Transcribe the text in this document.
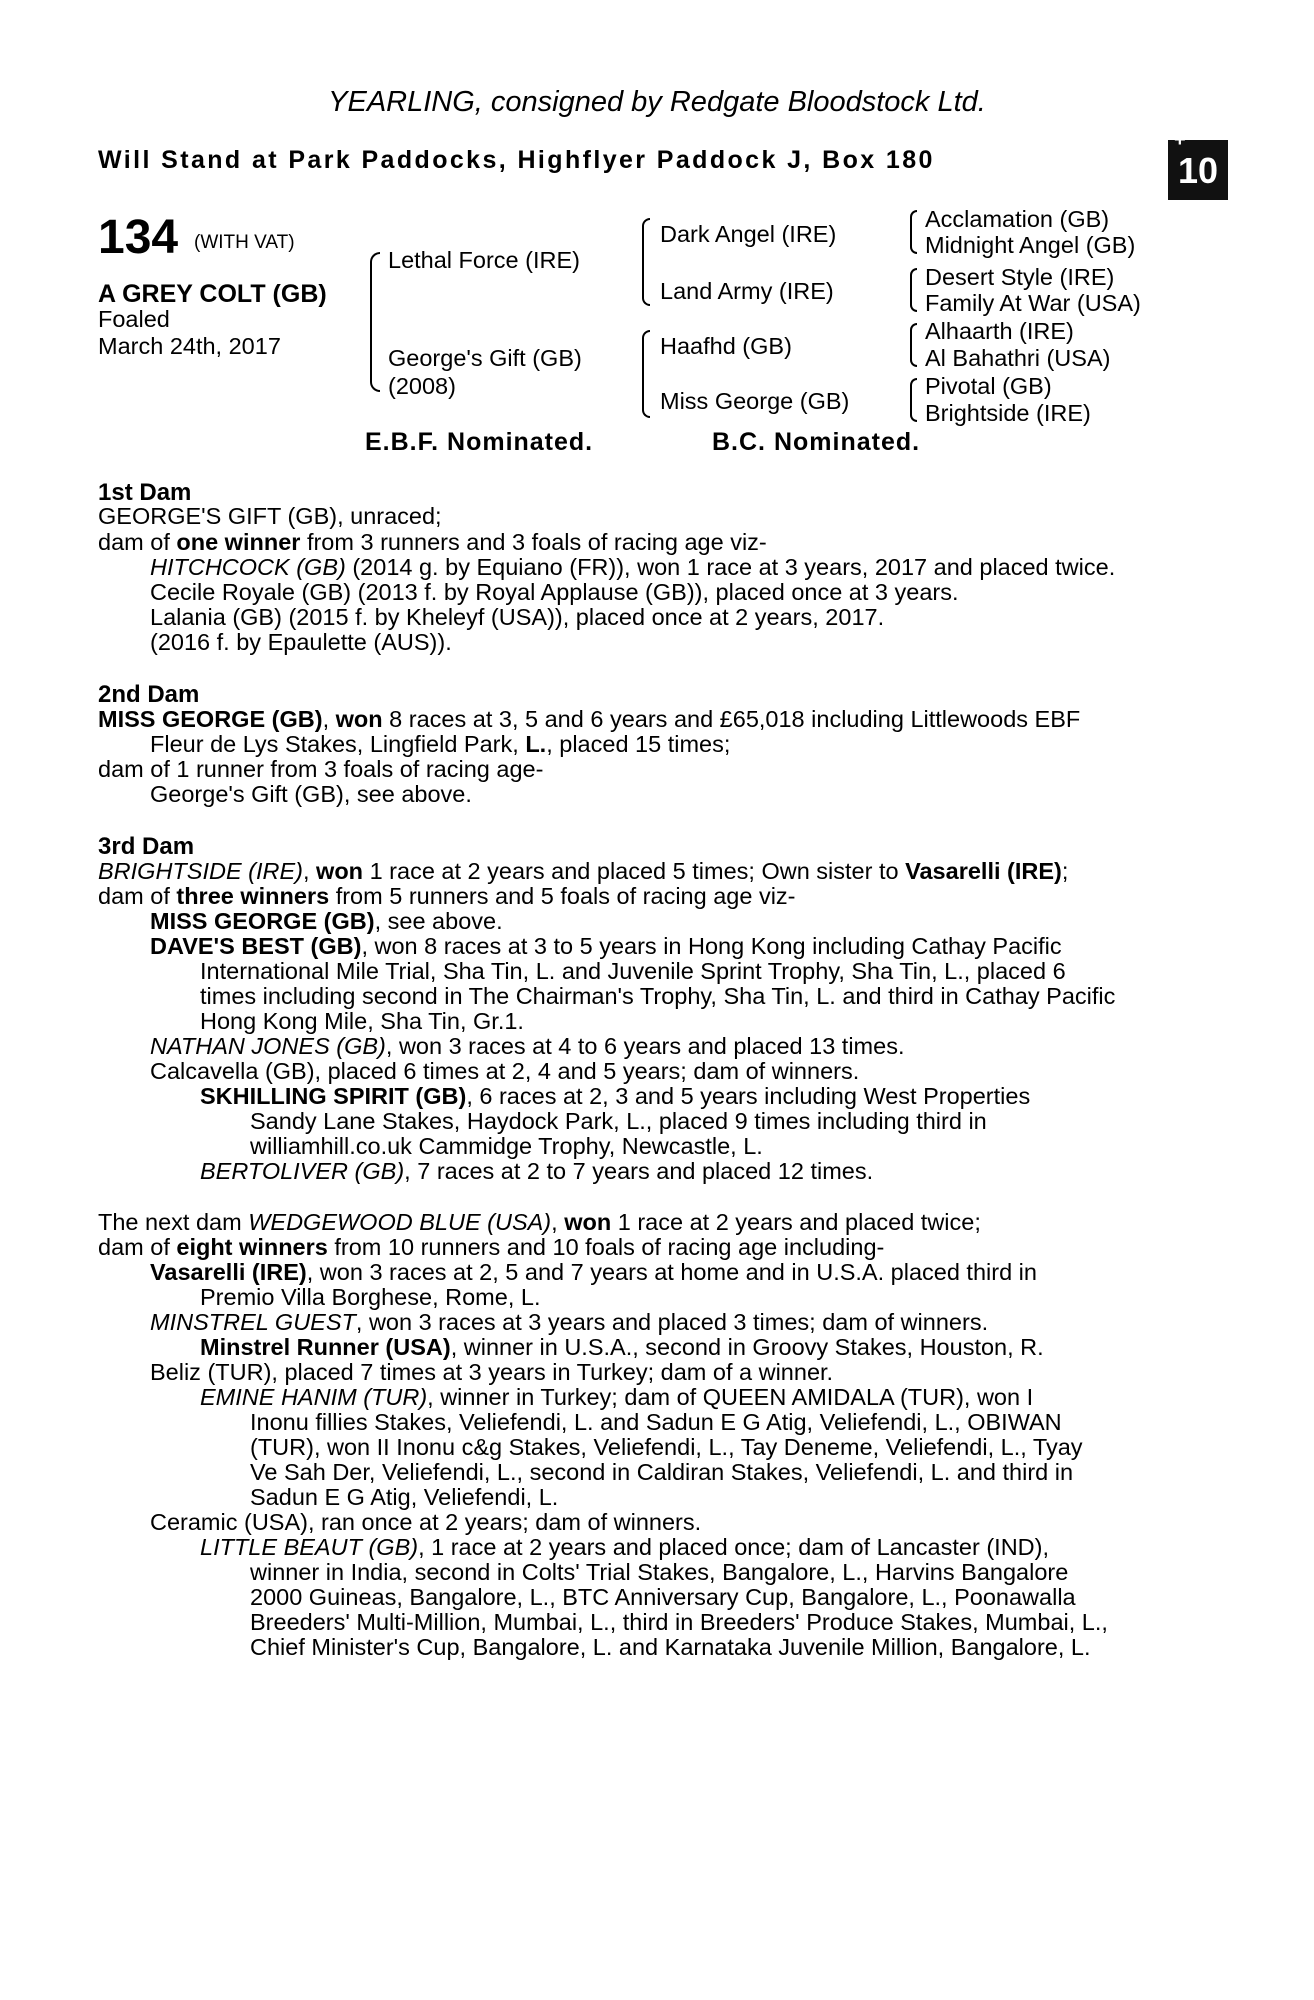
YEARLING, consigned by Redgate Bloodstock Ltd.
Will Stand at Park Paddocks, Highflyer Paddock J, Box 180
+
10
134 (WITH VAT)
A GREY COLT (GB)
Foaled
March 24th, 2017
Lethal Force (IRE)
George's Gift (GB)
(2008)
Dark Angel (IRE)
Land Army (IRE)
Haafhd (GB)
Miss George (GB)
Acclamation (GB)
Midnight Angel (GB)
Desert Style (IRE)
Family At War (USA)
Alhaarth (IRE)
Al Bahathri (USA)
Pivotal (GB)
Brightside (IRE)
E.B.F. Nominated.	B.C. Nominated.
1st Dam
GEORGE'S GIFT (GB), unraced;
dam of one winner from 3 runners and 3 foals of racing age viz-
HITCHCOCK (GB) (2014 g. by Equiano (FR)), won 1 race at 3 years, 2017 and placed twice.
Cecile Royale (GB) (2013 f. by Royal Applause (GB)), placed once at 3 years.
Lalania (GB) (2015 f. by Kheleyf (USA)), placed once at 2 years, 2017.
(2016 f. by Epaulette (AUS)).
2nd Dam
MISS GEORGE (GB), won 8 races at 3, 5 and 6 years and £65,018 including Littlewoods EBF
Fleur de Lys Stakes, Lingfield Park, L., placed 15 times;
dam of 1 runner from 3 foals of racing age-
George's Gift (GB), see above.
3rd Dam
BRIGHTSIDE (IRE), won 1 race at 2 years and placed 5 times; Own sister to Vasarelli (IRE);
dam of three winners from 5 runners and 5 foals of racing age viz-
MISS GEORGE (GB), see above.
DAVE'S BEST (GB), won 8 races at 3 to 5 years in Hong Kong including Cathay Pacific
International Mile Trial, Sha Tin, L. and Juvenile Sprint Trophy, Sha Tin, L., placed 6
times including second in The Chairman's Trophy, Sha Tin, L. and third in Cathay Pacific
Hong Kong Mile, Sha Tin, Gr.1.
NATHAN JONES (GB), won 3 races at 4 to 6 years and placed 13 times.
Calcavella (GB), placed 6 times at 2, 4 and 5 years; dam of winners.
SKHILLING SPIRIT (GB), 6 races at 2, 3 and 5 years including West Properties
Sandy Lane Stakes, Haydock Park, L., placed 9 times including third in
williamhill.co.uk Cammidge Trophy, Newcastle, L.
BERTOLIVER (GB), 7 races at 2 to 7 years and placed 12 times.
The next dam WEDGEWOOD BLUE (USA), won 1 race at 2 years and placed twice;
dam of eight winners from 10 runners and 10 foals of racing age including-
Vasarelli (IRE), won 3 races at 2, 5 and 7 years at home and in U.S.A. placed third in
Premio Villa Borghese, Rome, L.
MINSTREL GUEST, won 3 races at 3 years and placed 3 times; dam of winners.
Minstrel Runner (USA), winner in U.S.A., second in Groovy Stakes, Houston, R.
Beliz (TUR), placed 7 times at 3 years in Turkey; dam of a winner.
EMINE HANIM (TUR), winner in Turkey; dam of QUEEN AMIDALA (TUR), won I
Inonu fillies Stakes, Veliefendi, L. and Sadun E G Atig, Veliefendi, L., OBIWAN
(TUR), won II Inonu c&g Stakes, Veliefendi, L., Tay Deneme, Veliefendi, L., Tyay
Ve Sah Der, Veliefendi, L., second in Caldiran Stakes, Veliefendi, L. and third in
Sadun E G Atig, Veliefendi, L.
Ceramic (USA), ran once at 2 years; dam of winners.
LITTLE BEAUT (GB), 1 race at 2 years and placed once; dam of Lancaster (IND),
winner in India, second in Colts' Trial Stakes, Bangalore, L., Harvins Bangalore
2000 Guineas, Bangalore, L., BTC Anniversary Cup, Bangalore, L., Poonawalla
Breeders' Multi-Million, Mumbai, L., third in Breeders' Produce Stakes, Mumbai, L.,
Chief Minister's Cup, Bangalore, L. and Karnataka Juvenile Million, Bangalore, L.
